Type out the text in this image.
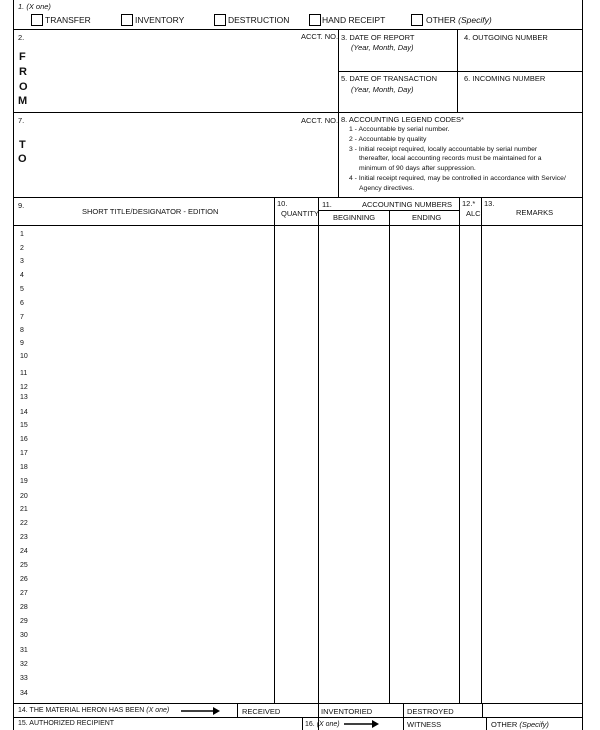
1. (X one)
TRANSFER	INVENTORY	DESTRUCTION	HAND RECEIPT	OTHER (Specify)
2.	ACCT. NO.
F
R
O
M
3. DATE OF REPORT
(Year, Month, Day)
4. OUTGOING NUMBER
5. DATE OF TRANSACTION
(Year, Month, Day)
6. INCOMING NUMBER
7.	ACCT. NO.
T
O
8. ACCOUNTING LEGEND CODES*
1 - Accountable by serial number.
2 - Accountable by quality
3 - Initial receipt required, locally accountable by serial number
thereafter, local accounting records must be maintained for a
minimum of 90 days after suppression.
4 - Initial receipt required, may be controlled in accordance with Service/
Agency directives.
9.
SHORT TITLE/DESIGNATOR - EDITION
10.
QUANTITY
11.	ACCOUNTING NUMBERS
BEGINNING	ENDING
12.*
ALC
13.
REMARKS
1
2
3
4
5
6
7
8
9
10
11
12
13
14
15
16
17
18
19
20
21
22
23
24
25
26
27
28
29
30
31
32
33
34
14. THE MATERIAL HERON HAS BEEN (X one)	RECEIVED	INVENTORIED	DESTROYED
15. AUTHORIZED RECIPIENT	16. (X one)	WITNESS	OTHER (Specify)
